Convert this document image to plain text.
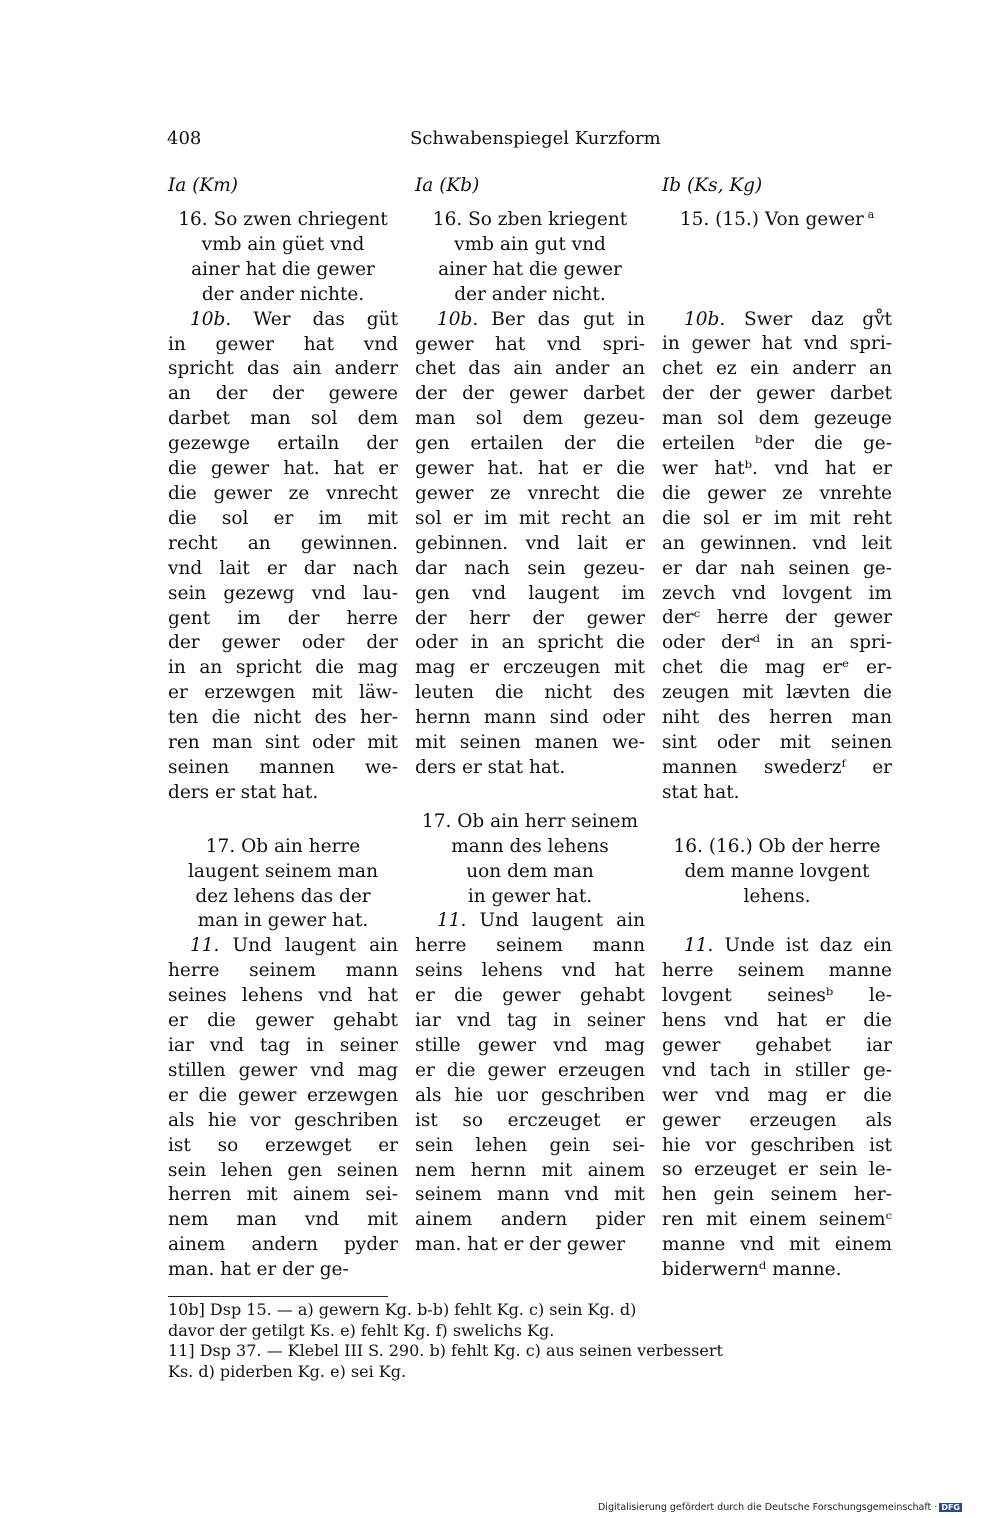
408	Schwabenspiegel Kurzform
Ia (Km)
16. So zwen chriegent
vmb ain güet vnd
ainer hat die gewer
der ander nichte.
10b. Wer das güt
in gewer hat vnd
spricht das ain anderr
an der der gewere
darbet man sol dem
gezewge ertailn der
die gewer hat. hat er
die gewer ze vnrecht
die sol er im mit
recht an gewinnen.
vnd lait er dar nach
sein gezewg vnd lau-
gent im der herre
der gewer oder der
in an spricht die mag
er erzewgen mit läw-
ten die nicht des her-
ren man sint oder mit
seinen mannen we-
ders er stat hat.
17. Ob ain herre
laugent seinem man
dez lehens das der
man in gewer hat.
11. Und laugent ain
herre seinem mann
seines lehens vnd hat
er die gewer gehabt
iar vnd tag in seiner
stillen gewer vnd mag
er die gewer erzewgen
als hie vor geschriben
ist so erzewget er
sein lehen gen seinen
herren mit ainem sei-
nem man vnd mit
ainem andern pyder
man. hat er der ge-
Ia (Kb)
16. So zben kriegent
vmb ain gut vnd
ainer hat die gewer
der ander nicht.
10b. Ber das gut in
gewer hat vnd spri-
chet das ain ander an
der der gewer darbet
man sol dem gezeu-
gen ertailen der die
gewer hat. hat er die
gewer ze vnrecht die
sol er im mit recht an
gebinnen. vnd lait er
dar nach sein gezeu-
gen vnd laugent im
der herr der gewer
oder in an spricht die
mag er erczeugen mit
leuten die nicht des
hernn mann sind oder
mit seinen manen we-
ders er stat hat.
17. Ob ain herr seinem
mann des lehens
uon dem man
in gewer hat.
11. Und laugent ain
herre seinem mann
seins lehens vnd hat
er die gewer gehabt
iar vnd tag in seiner
stille gewer vnd mag
er die gewer erzeugen
als hie uor geschriben
ist so erczeuget er
sein lehen gein sei-
nem hernn mit ainem
seinem mann vnd mit
ainem andern pider
man. hat er der gewer
Ib (Ks, Kg)
15. (15.) Von gewer  $^a$
10b. Swer daz gv̊t
in gewer hat vnd spri-
chet ez ein anderr an
der der gewer darbet
man sol dem gezeuge
erteilen ᵇder die ge-
wer hatᵇ. vnd hat er
die gewer ze vnrehte
die sol er im mit reht
an gewinnen. vnd leit
er dar nah seinen ge-
zevch vnd lovgent im
derᶜ herre der gewer
oder derᵈ in an spri-
chet die mag erᵉ er-
zeugen mit lævten die
niht des herren man
sint oder mit seinen
mannen swederzᶠ er
stat hat.
16. (16.) Ob der herre
dem manne lovgent
lehens.
11. Unde ist daz ein
herre seinem manne
lovgent seinesᵇ le-
hens vnd hat er die
gewer gehabet iar
vnd tach in stiller ge-
wer vnd mag er die
gewer erzeugen als
hie vor geschriben ist
so erzeuget er sein le-
hen gein seinem her-
ren mit einem seinemᶜ
manne vnd mit einem
biderwernᵈ manne.
10b] Dsp 15. — a) gewern Kg. b-b) fehlt Kg. c) sein Kg. d)
davor der getilgt Ks. e) fehlt Kg. f) swelichs Kg.
11] Dsp 37. — Klebel III S. 290. b) fehlt Kg. c) aus seinen verbessert
Ks. d) piderben Kg. e) sei Kg.
Digitalisierung gefördert durch die Deutsche Forschungsgemeinschaft · DFG
